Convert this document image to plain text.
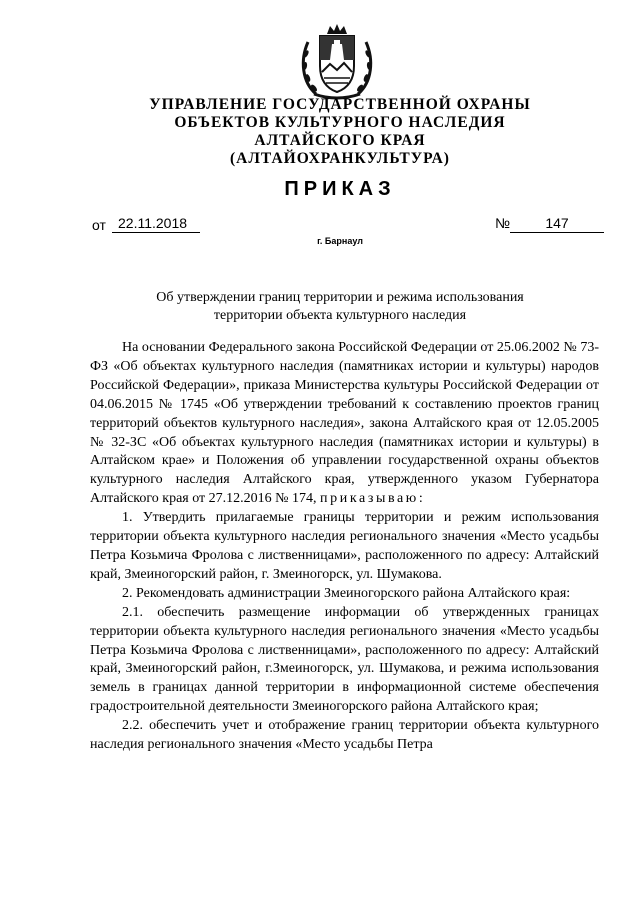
УПРАВЛЕНИЕ ГОСУДАРСТВЕННОЙ ОХРАНЫ
ОБЪЕКТОВ КУЛЬТУРНОГО НАСЛЕДИЯ
АЛТАЙСКОГО КРАЯ
(АЛТАЙОХРАНКУЛЬТУРА)
ПРИКАЗ
от 22.11.2018	№	147
г. Барнаул
Об утверждении границ территории и режима использования
территории объекта культурного наследия

На основании Федерального закона Российской Федерации от 25.06.2002 № 73-ФЗ «Об объектах культурного наследия (памятниках истории и культуры) народов Российской Федерации», приказа Министерства культуры Российской Федерации от 04.06.2015 № 1745 «Об утверждении требований к составлению проектов границ территорий объектов культурного наследия», закона Алтайского края от 12.05.2005 № 32-ЗС «Об объектах культурного наследия (памятниках истории и культуры) в Алтайском крае» и Положения об управлении государственной охраны объектов культурного наследия Алтайского края, утвержденного указом Губернатора Алтайского края от 27.12.2016 № 174, приказываю:

1. Утвердить прилагаемые границы территории и режим использования территории объекта культурного наследия регионального значения «Место усадьбы Петра Козьмича Фролова с лиственницами», расположенного по адресу: Алтайский край, Змеиногорский район, г. Змеиногорск, ул. Шумакова.

2. Рекомендовать администрации Змеиногорского района Алтайского края:

2.1. обеспечить размещение информации об утвержденных границах территории объекта культурного наследия регионального значения «Место усадьбы Петра Козьмича Фролова с лиственницами», расположенного по адресу: Алтайский край, Змеиногорский район, г.Змеиногорск, ул. Шумакова, и режима использования земель в границах данной территории в информационной системе обеспечения градостроительной деятельности Змеиногорского района Алтайского края;

2.2. обеспечить учет и отображение границ территории объекта культурного наследия регионального значения «Место усадьбы Петра
